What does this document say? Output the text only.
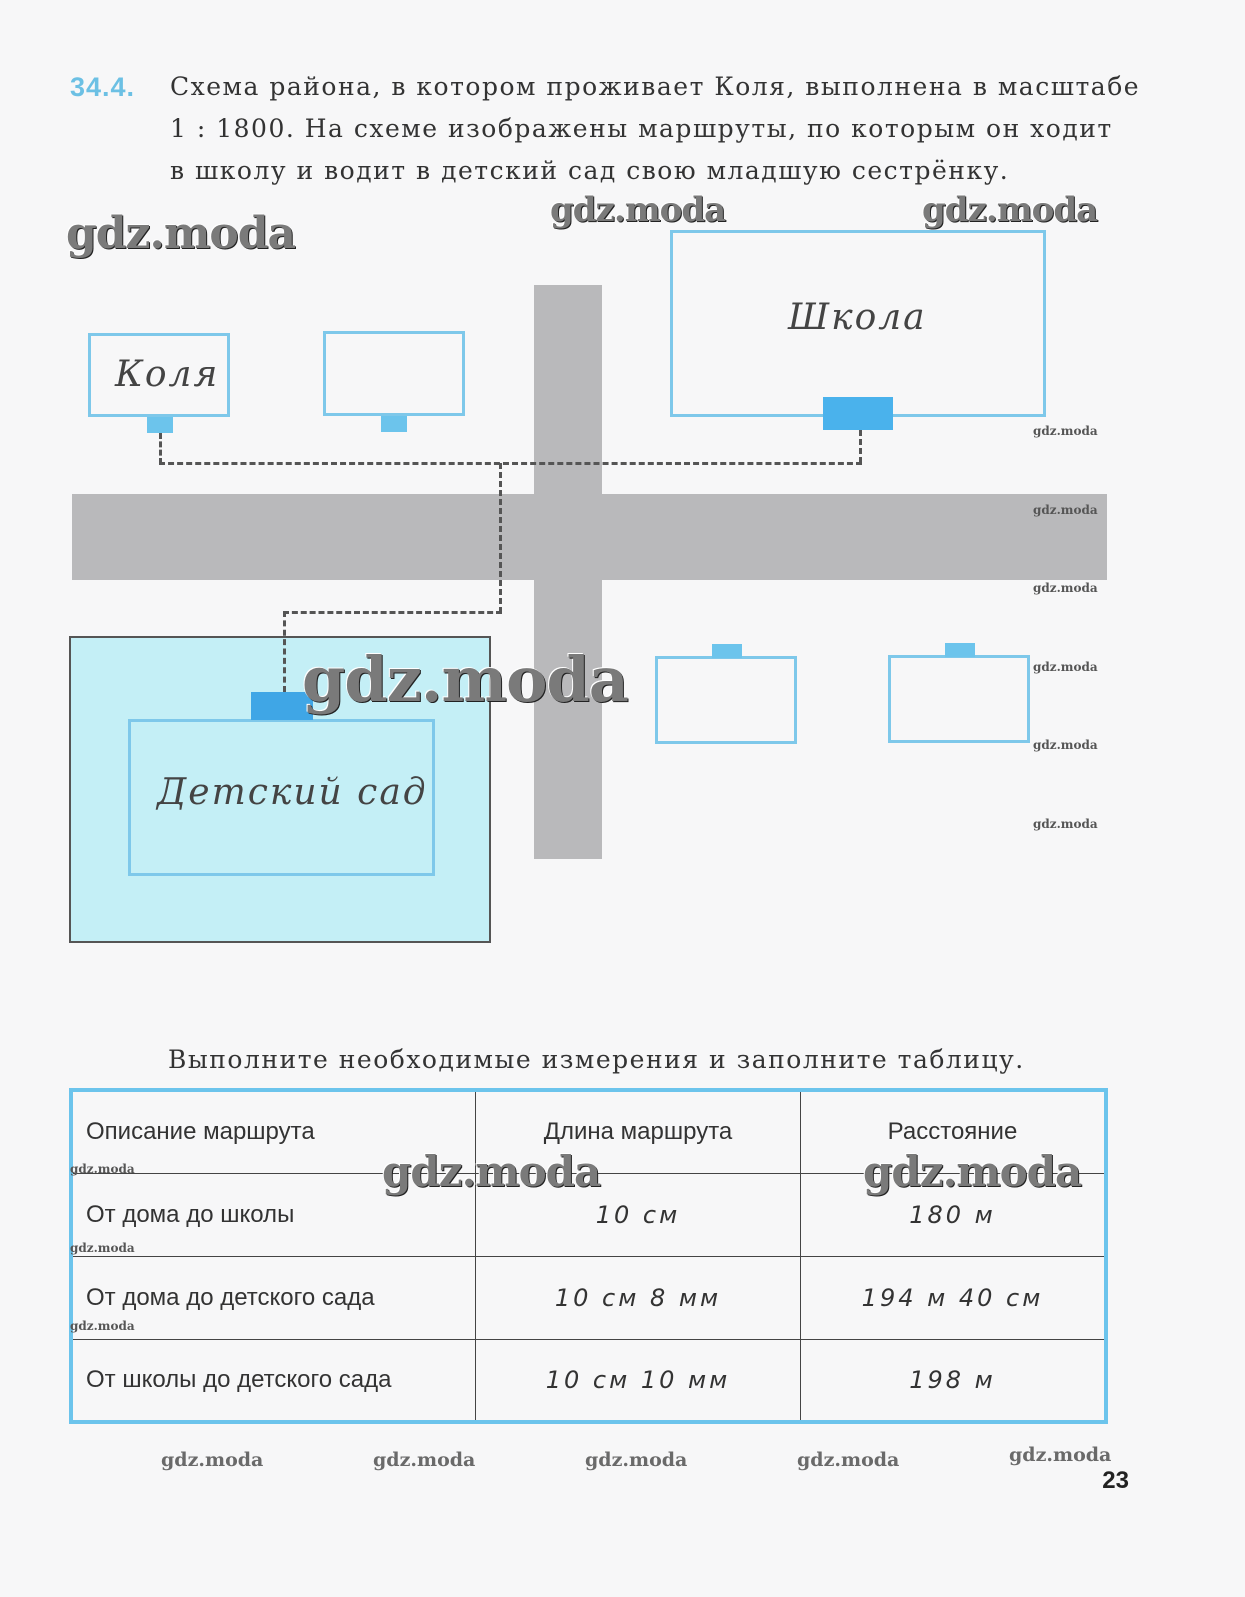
34.4. Схема района, в котором проживает Коля, выполнена в масштабе
1 : 1800. На схеме изображены маршруты, по которым он ходит
в школу и водит в детский сад свою младшую сестрёнку.
Детский сад
Коля
Школа
Выполните необходимые измерения и заполните таблицу.
Описание маршрута	Длина маршрута	Расстояние
От дома до школы	10 см	180 м
От дома до детского сада	10 см 8 мм	194 м 40 см
От школы до детского сада	10 см 10 мм	198 м
gdz.moda	gdz.moda	gdz.moda
gdz.moda
gdz.moda	gdz.moda
gdz.moda
gdz.moda
gdz.moda
gdz.moda
gdz.moda
gdz.moda
gdz.moda
gdz.moda
gdz.moda
gdz.moda	gdz.moda	gdz.moda	gdz.moda	gdz.moda
23
